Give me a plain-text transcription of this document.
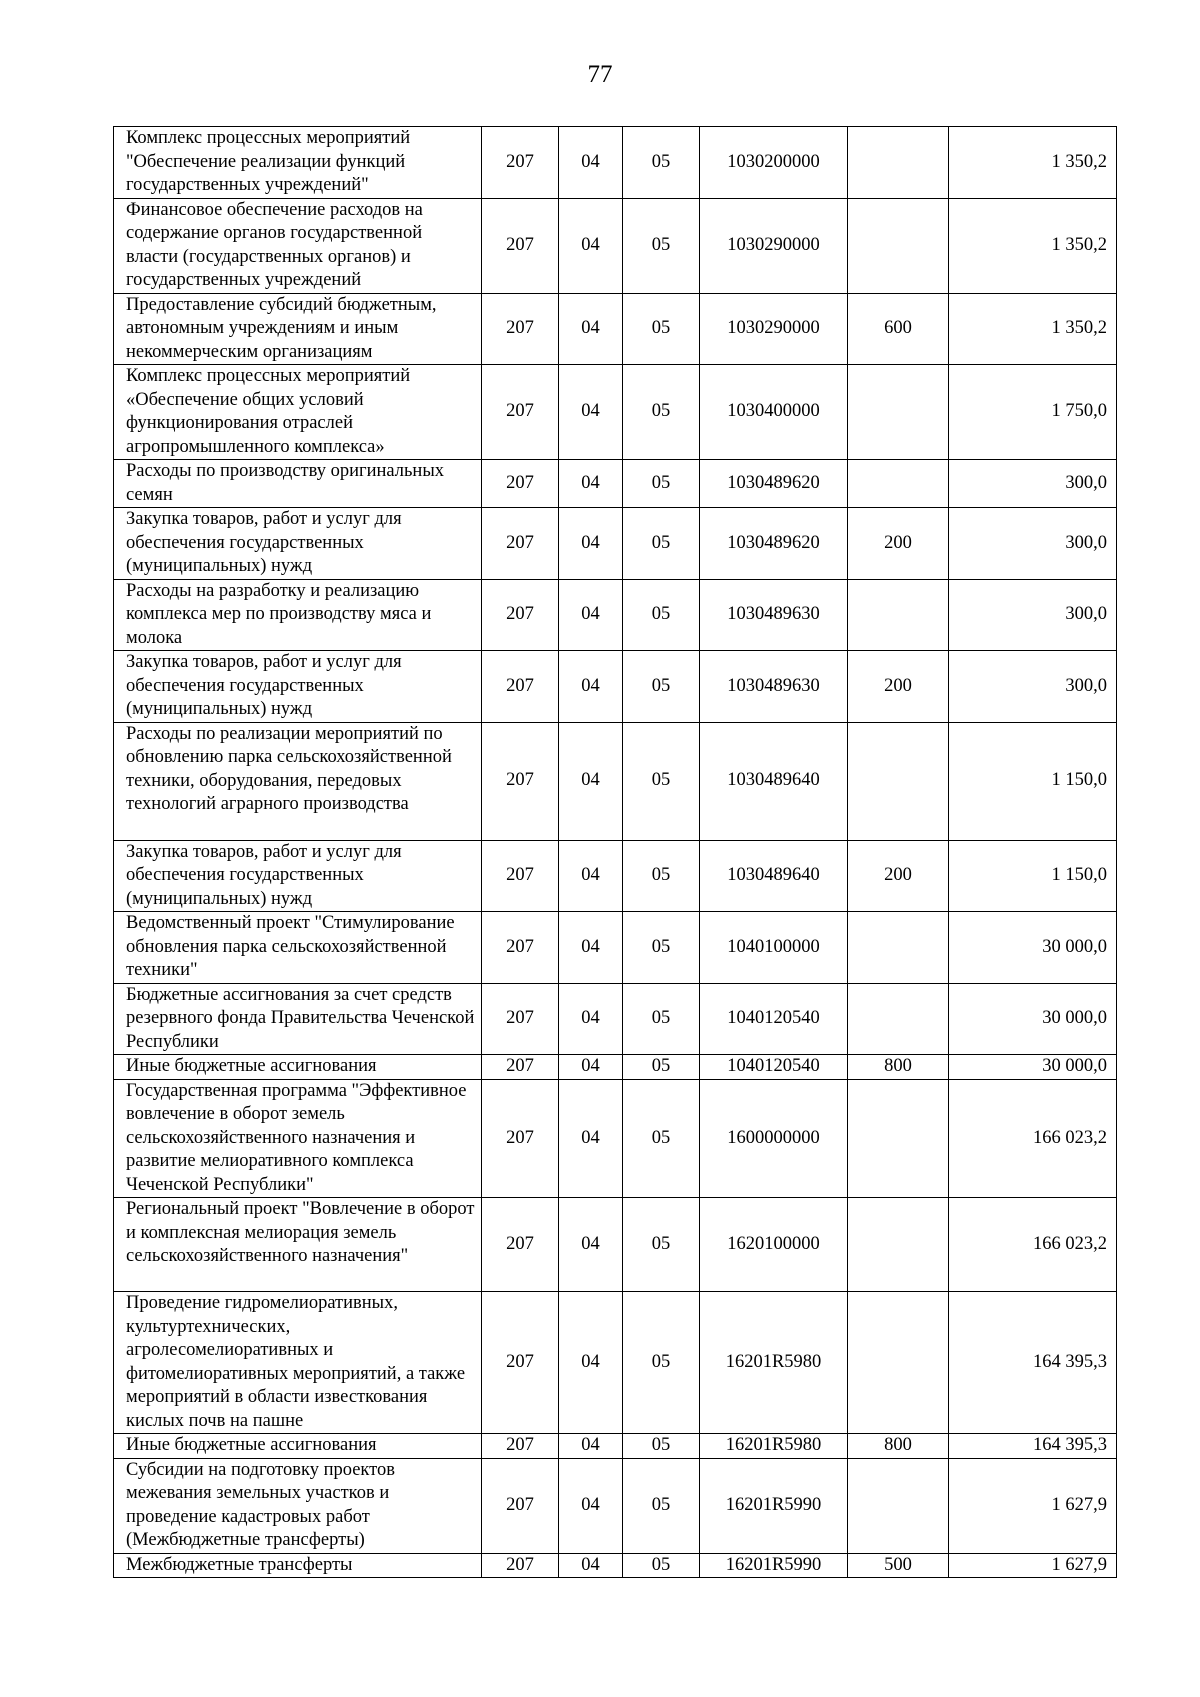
77
Комплекс процессных мероприятий "Обеспечение реализации функций государственных учреждений"	207	04	05	1030200000		1 350,2
Финансовое обеспечение расходов на содержание органов государственной власти (государственных органов) и государственных учреждений	207	04	05	1030290000		1 350,2
Предоставление субсидий бюджетным, автономным учреждениям и иным некоммерческим организациям	207	04	05	1030290000	600	1 350,2
Комплекс процессных мероприятий «Обеспечение общих условий функционирования отраслей агропромышленного комплекса»	207	04	05	1030400000		1 750,0
Расходы по производству оригинальных семян	207	04	05	1030489620		300,0
Закупка товаров, работ и услуг для обеспечения государственных (муниципальных) нужд	207	04	05	1030489620	200	300,0
Расходы на разработку и реализацию комплекса мер по производству мяса и молока	207	04	05	1030489630		300,0
Закупка товаров, работ и услуг для обеспечения государственных (муниципальных) нужд	207	04	05	1030489630	200	300,0
Расходы по реализации мероприятий по обновлению парка сельскохозяйственной техники, оборудования, передовых технологий аграрного производства	207	04	05	1030489640		1 150,0
Закупка товаров, работ и услуг для обеспечения государственных (муниципальных) нужд	207	04	05	1030489640	200	1 150,0
Ведомственный проект "Стимулирование обновления парка сельскохозяйственной техники"	207	04	05	1040100000		30 000,0
Бюджетные ассигнования за счет средств резервного фонда Правительства Чеченской Республики	207	04	05	1040120540		30 000,0
Иные бюджетные ассигнования	207	04	05	1040120540	800	30 000,0
Государственная программа "Эффективное вовлечение в оборот земель сельскохозяйственного назначения и развитие мелиоративного комплекса Чеченской Республики"	207	04	05	1600000000		166 023,2
Региональный проект "Вовлечение в оборот и комплексная мелиорация земель сельскохозяйственного назначения"	207	04	05	1620100000		166 023,2
Проведение гидромелиоративных, культуртехнических, агролесомелиоративных и фитомелиоративных мероприятий, а также мероприятий в области известкования кислых почв на пашне	207	04	05	16201R5980		164 395,3
Иные бюджетные ассигнования	207	04	05	16201R5980	800	164 395,3
Субсидии на подготовку проектов межевания земельных участков и проведение кадастровых работ (Межбюджетные трансферты)	207	04	05	16201R5990		1 627,9
Межбюджетные трансферты	207	04	05	16201R5990	500	1 627,9
